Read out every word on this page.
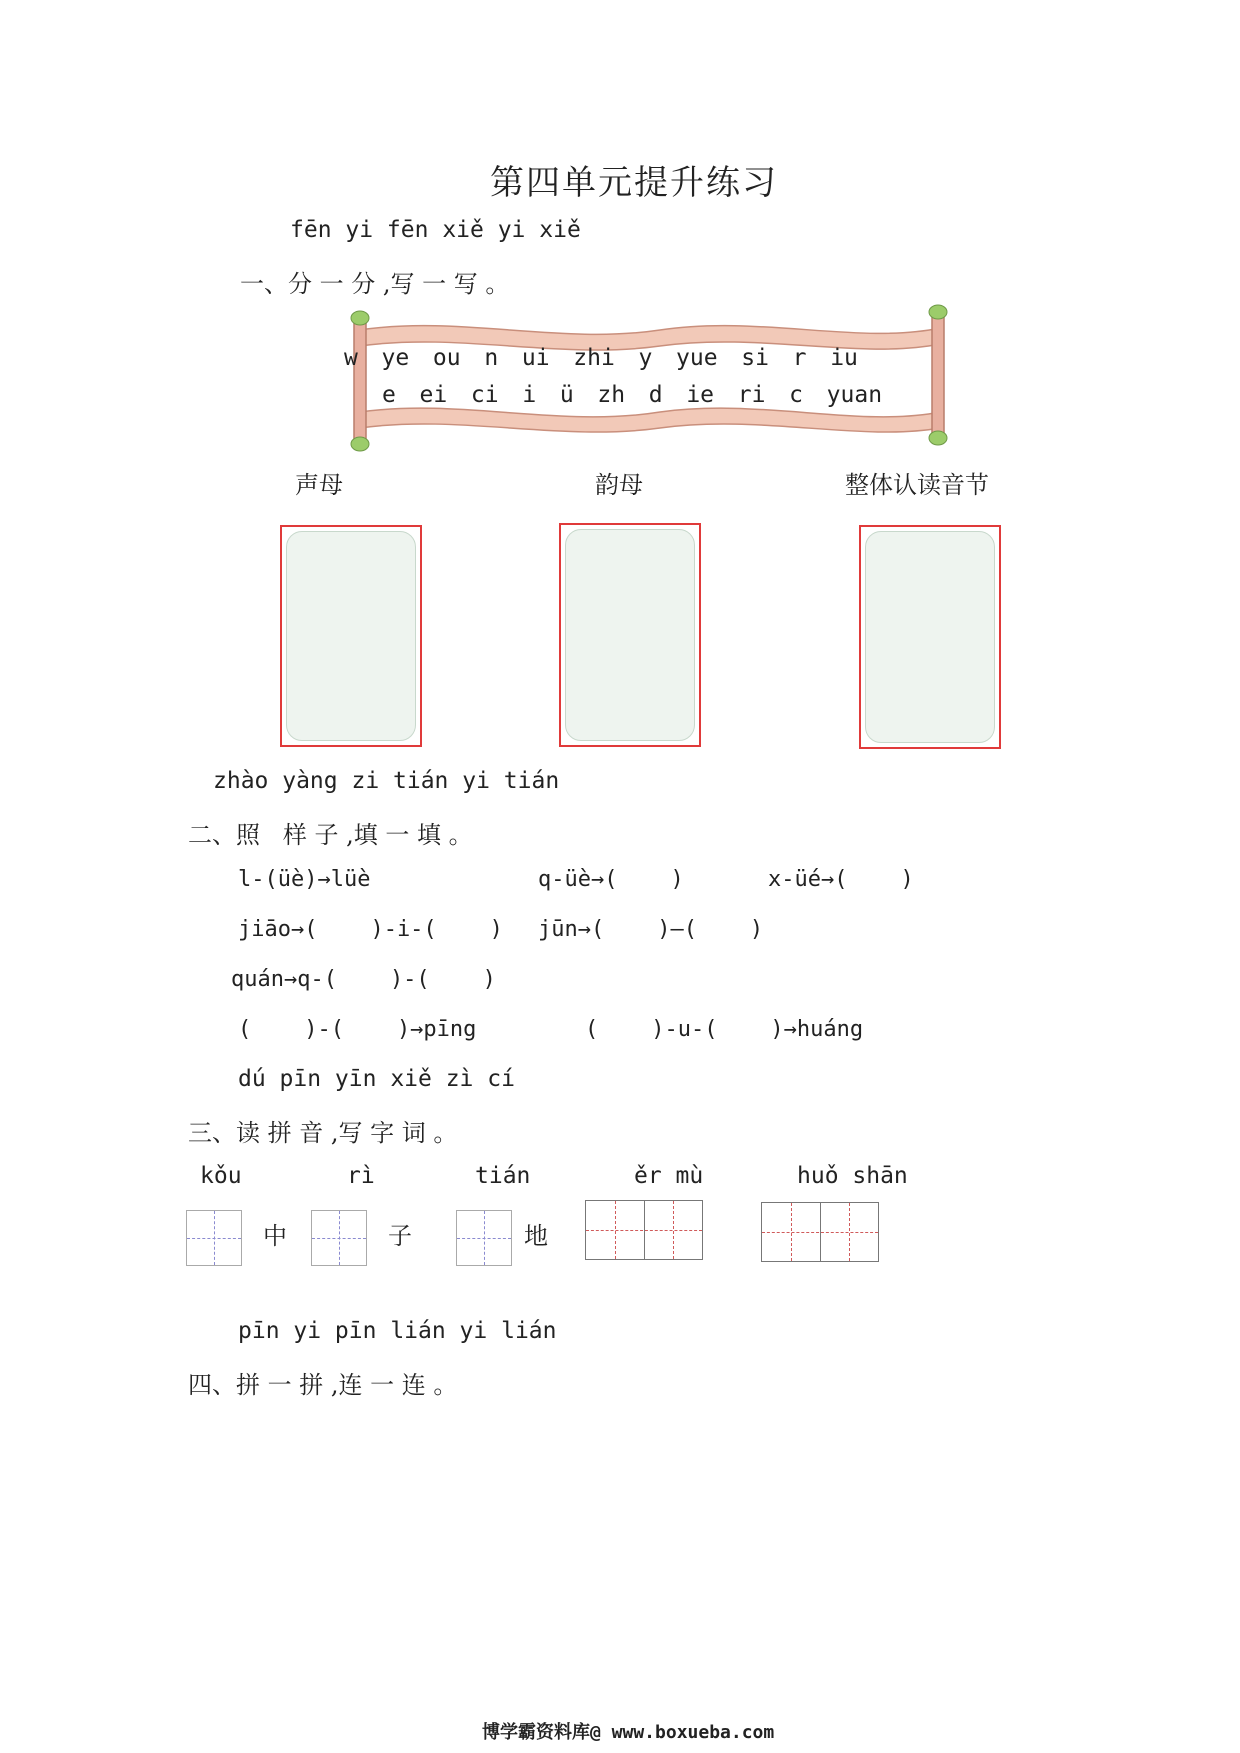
第四单元提升练习
fēn yi fēn xiě yi xiě
一、分 一 分 ,写 一 写 。
w  ye  ou  n  ui  zhi  y  yue  si  r  iu
e  ei  ci  i  ü  zh  d  ie  ri  c  yuan
声母	韵母	整体认读音节
zhào yàng zi tián yi tián
二、照   样 子 ,填 一 填 。
l-(üè)→lüè	q-üè→(    )	x-üé→(    )
jiāo→(    )-i-(    ) jūn→(    )—(    )
quán→q-(    )-(    )
(    )-(    )→pīng	(    )-u-(    )→huáng
dú pīn yīn xiě zì cí
三、读 拼 音 ,写 字 词 。
kǒu	rì	tián	ěr mù	huǒ shān
中	子	地
pīn yi pīn lián yi lián
四、拼 一 拼 ,连 一 连 。
博学霸资料库@ www.boxueba.com
